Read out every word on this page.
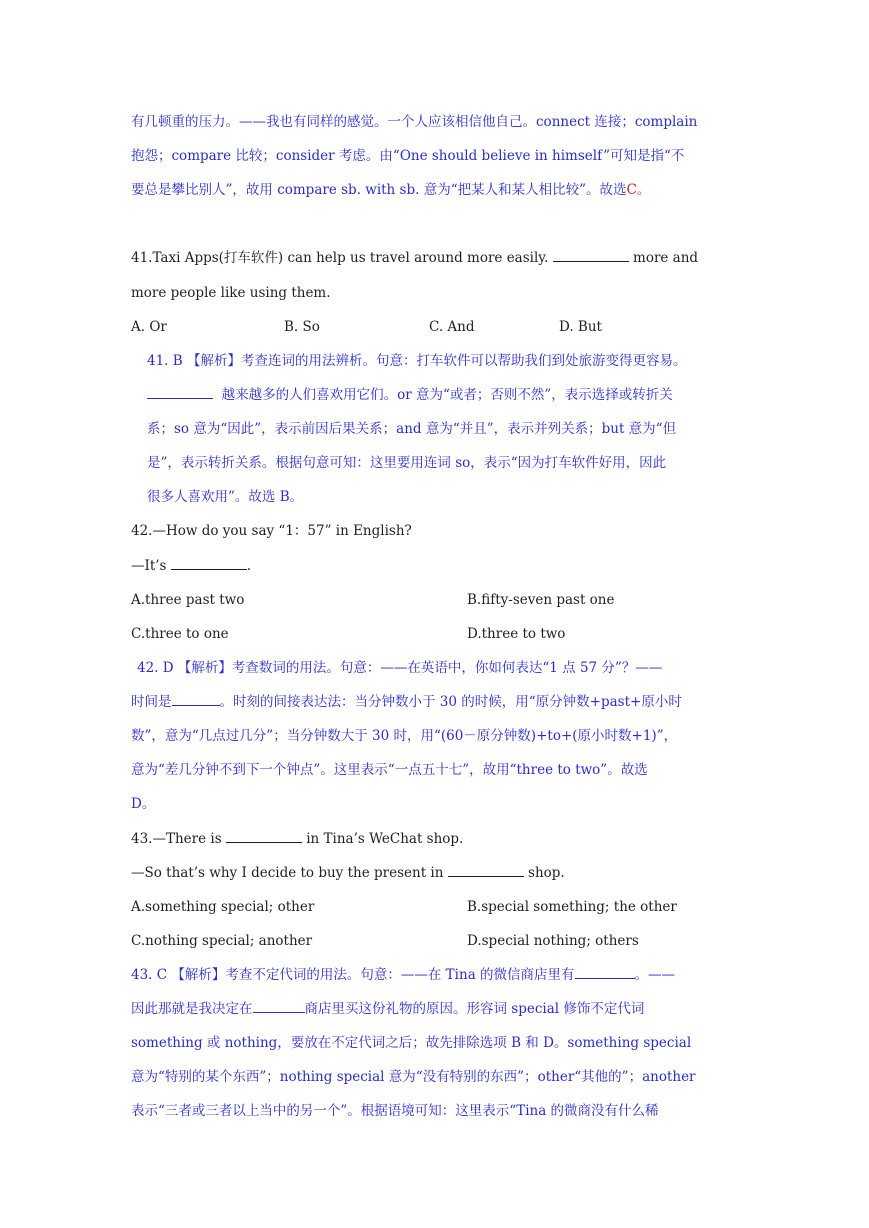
有几顿重的压力。——我也有同样的感觉。一个人应该相信他自己。connect 连接；complain
抱怨；compare 比较；consider 考虑。由“One should believe in himself”可知是指“不
要总是攀比别人”，故用 compare sb. with sb. 意为“把某人和某人相比较”。故选C。
41.Taxi Apps(打车软件) can help us travel around more easily.	more and
more people like using them.
A. Or	B. So	C. And	D. But
41. B 【解析】考查连词的用法辨析。句意：打车软件可以帮助我们到处旅游变得更容易。
越来越多的人们喜欢用它们。or 意为“或者；否则不然”，表示选择或转折关
系；so 意为“因此”，表示前因后果关系；and 意为“并且”，表示并列关系；but 意为“但
是”，表示转折关系。根据句意可知：这里要用连词 so，表示“因为打车软件好用，因此
很多人喜欢用”。故选 B。
42.—How do you say “1：57” in English?
—It’s	.
A.three past two	B.fifty-seven past one
C.three to one	D.three to two
42. D 【解析】考查数词的用法。句意：——在英语中，你如何表达“1 点 57 分”？——
时间是	。时刻的间接表达法：当分钟数小于 30 的时候，用“原分钟数+past+原小时
数”，意为“几点过几分”；当分钟数大于 30 时，用“(60－原分钟数)+to+(原小时数+1)”，
意为“差几分钟不到下一个钟点”。这里表示“一点五十七”，故用“three to two”。故选
D。
43.—There is	in Tina’s WeChat shop.
—So that’s why I decide to buy the present in	shop.
A.something special; other	B.special something; the other
C.nothing special; another	D.special nothing; others
43. C 【解析】考查不定代词的用法。句意：——在 Tina 的微信商店里有	。——
因此那就是我决定在	商店里买这份礼物的原因。形容词 special 修饰不定代词
something 或 nothing，要放在不定代词之后；故先排除选项 B 和 D。something special
意为“特别的某个东西”；nothing special 意为“没有特别的东西”；other“其他的”；another
表示“三者或三者以上当中的另一个”。根据语境可知：这里表示“Tina 的微商没有什么稀
